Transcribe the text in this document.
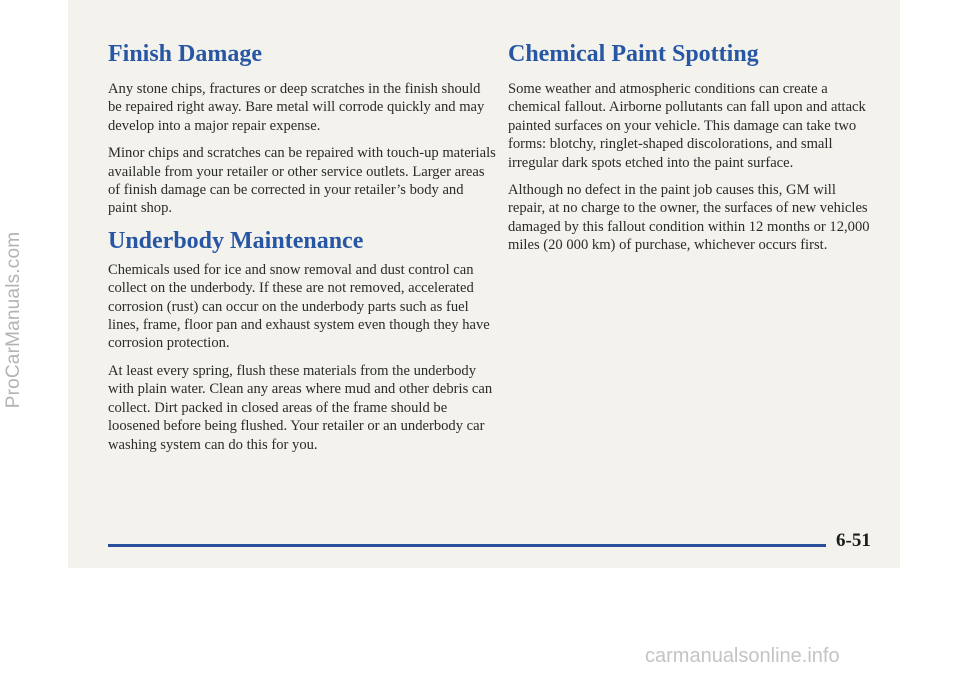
ProCarManuals.com
Finish Damage

Any stone chips, fractures or deep scratches in the finish should be repaired right away. Bare metal will corrode quickly and may develop into a major repair expense.

Minor chips and scratches can be repaired with touch-up materials available from your retailer or other service outlets. Larger areas of finish damage can be corrected in your retailer’s body and paint shop.

Underbody Maintenance

Chemicals used for ice and snow removal and dust control can collect on the underbody. If these are not removed, accelerated corrosion (rust) can occur on the underbody parts such as fuel lines, frame, floor pan and exhaust system even though they have corrosion protection.

At least every spring, flush these materials from the underbody with plain water. Clean any areas where mud and other debris can collect. Dirt packed in closed areas of the frame should be loosened before being flushed. Your retailer or an underbody car washing system can do this for you.

Chemical Paint Spotting

Some weather and atmospheric conditions can create a chemical fallout. Airborne pollutants can fall upon and attack painted surfaces on your vehicle. This damage can take two forms: blotchy, ringlet-shaped discolorations, and small irregular dark spots etched into the paint surface.

Although no defect in the paint job causes this, GM will repair, at no charge to the owner, the surfaces of new vehicles damaged by this fallout condition within 12 months or 12,000 miles (20 000 km) of purchase, whichever occurs first.

6-51
carmanualsonline.info
